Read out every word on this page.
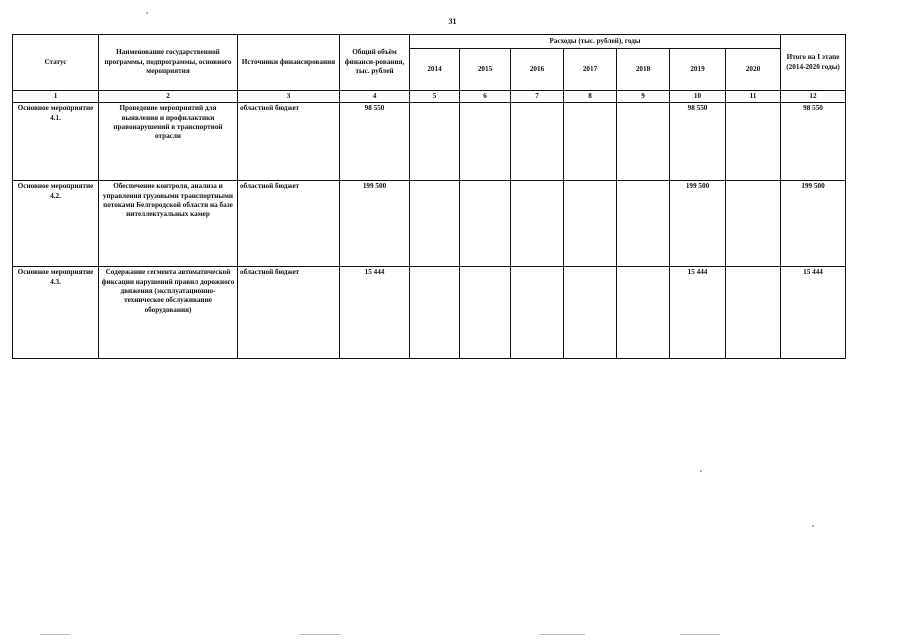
31
Статус	Наименование государственной программы, подпрограммы, основного мероприятия	Источники финансирования	Общий объём финанси-рования, тыс. рублей	Расходы (тыс. рублей), годы							Итого на I этапе (2014-2020 годы)
				2014	2015	2016	2017	2018	2019	2020	
1	2	3	4	5	6	7	8	9	10	11	12
Основное мероприятие 4.1.	Проведение мероприятий для выявления и профилактики правонарушений в транспортной отрасли	областной бюджет	98 550						98 550		98 550
Основное мероприятие 4.2.	Обеспечение контроля, анализа и управления грузовыми транспортными потоками Белгородской области на базе интеллектуальных камер	областной бюджет	199 500						199 500		199 500
Основное мероприятие 4.3.	Содержание сегмента автоматической фиксации нарушений правил дорожного движения (эксплуатационно-техническое обслуживание оборудования)	областной бюджет	15 444						15 444		15 444
